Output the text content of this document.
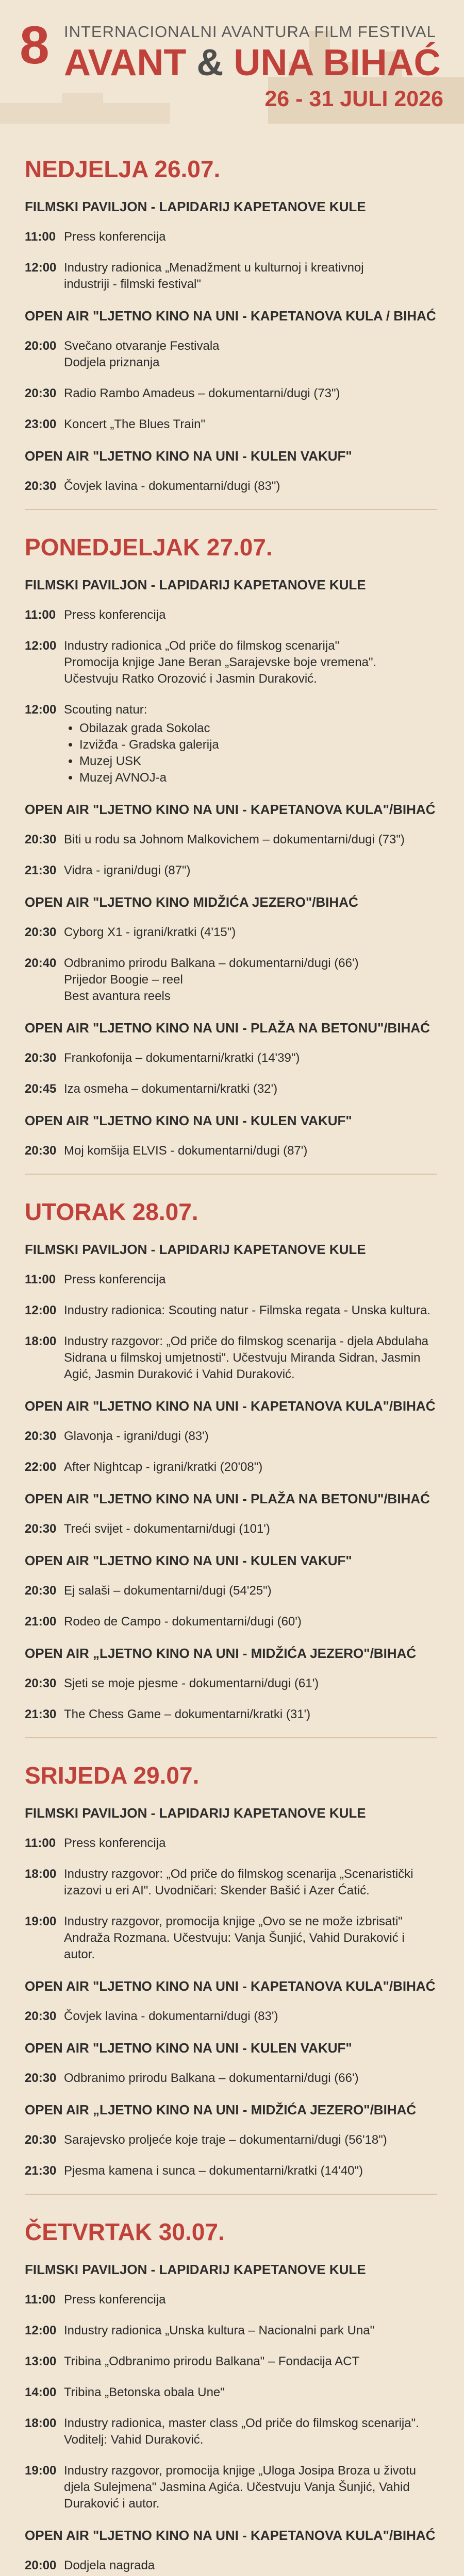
8 INTERNACIONALNI AVANTURA FILM FESTIVAL
AVANT & UNA BIHAĆ
26 - 31 JULI 2026
NEDJELJA 26.07.
FILMSKI PAVILJON - LAPIDARIJ KAPETANOVE KULE
11:00 Press konferencija
12:00 Industry radionica „Menadžment u kulturnoj i kreativnoj
industriji - filmski festival"
OPEN AIR "LJETNO KINO NA UNI - KAPETANOVA KULA / BIHAĆ
20:00 Svečano otvaranje Festivala
Dodjela priznanja
20:30 Radio Rambo Amadeus – dokumentarni/dugi (73")
23:00 Koncert „The Blues Train"
OPEN AIR "LJETNO KINO NA UNI - KULEN VAKUF"
20:30 Čovjek lavina - dokumentarni/dugi (83")
PONEDJELJAK 27.07.
FILMSKI PAVILJON - LAPIDARIJ KAPETANOVE KULE
11:00 Press konferencija
12:00 Industry radionica „Od priče do filmskog scenarija"
Promocija knjige Jane Beran „Sarajevske boje vremena".
Učestvuju Ratko Orozović i Jasmin Duraković.
12:00 Scouting natur:
• Obilazak grada Sokolac
• Izvižđa - Gradska galerija
• Muzej USK
• Muzej AVNOJ-a
OPEN AIR "LJETNO KINO NA UNI - KAPETANOVA KULA"/BIHAĆ
20:30 Biti u rodu sa Johnom Malkovichem – dokumentarni/dugi (73")
21:30 Vidra - igrani/dugi (87")
OPEN AIR "LJETNO KINO MIDŽIĆA JEZERO"/BIHAĆ
20:30 Cyborg X1 - igrani/kratki (4'15")
20:40 Odbranimo prirodu Balkana – dokumentarni/dugi (66')
Prijedor Boogie – reel
Best avantura reels
OPEN AIR "LJETNO KINO NA UNI - PLAŽA NA BETONU"/BIHAĆ
20:30 Frankofonija – dokumentarni/kratki (14'39")
20:45 Iza osmeha – dokumentarni/kratki (32')
OPEN AIR "LJETNO KINO NA UNI - KULEN VAKUF"
20:30 Moj komšija ELVIS - dokumentarni/dugi (87')
UTORAK 28.07.
FILMSKI PAVILJON - LAPIDARIJ KAPETANOVE KULE
11:00 Press konferencija
12:00 Industry radionica: Scouting natur - Filmska regata - Unska kultura.
18:00 Industry razgovor: „Od priče do filmskog scenarija - djela Abdulaha
Sidrana u filmskoj umjetnosti". Učestvuju Miranda Sidran, Jasmin
Agić, Jasmin Duraković i Vahid Duraković.
OPEN AIR "LJETNO KINO NA UNI - KAPETANOVA KULA"/BIHAĆ
20:30 Glavonja - igrani/dugi (83')
22:00 After Nightcap - igrani/kratki (20'08")
OPEN AIR "LJETNO KINO NA UNI - PLAŽA NA BETONU"/BIHAĆ
20:30 Treći svijet - dokumentarni/dugi (101')
OPEN AIR "LJETNO KINO NA UNI - KULEN VAKUF"
20:30 Ej salaši – dokumentarni/dugi (54'25")
21:00 Rodeo de Campo - dokumentarni/dugi (60')
OPEN AIR „LJETNO KINO NA UNI - MIDŽIĆA JEZERO"/BIHAĆ
20:30 Sjeti se moje pjesme - dokumentarni/dugi (61')
21:30 The Chess Game – dokumentarni/kratki (31')
SRIJEDA 29.07.
FILMSKI PAVILJON - LAPIDARIJ KAPETANOVE KULE
11:00 Press konferencija
18:00 Industry razgovor: „Od priče do filmskog scenarija „Scenaristički
izazovi u eri AI". Uvodničari: Skender Bašić i Azer Ćatić.
19:00 Industry razgovor, promocija knjige „Ovo se ne može izbrisati"
Andraža Rozmana. Učestvuju: Vanja Šunjić, Vahid Duraković i autor.
OPEN AIR "LJETNO KINO NA UNI - KAPETANOVA KULA"/BIHAĆ
20:30 Čovjek lavina - dokumentarni/dugi (83')
OPEN AIR "LJETNO KINO NA UNI - KULEN VAKUF"
20:30 Odbranimo prirodu Balkana – dokumentarni/dugi (66')
OPEN AIR „LJETNO KINO NA UNI - MIDŽIĆA JEZERO"/BIHAĆ
20:30 Sarajevsko proljeće koje traje – dokumentarni/dugi (56'18")
21:30 Pjesma kamena i sunca – dokumentarni/kratki (14'40")
ČETVRTAK 30.07.
FILMSKI PAVILJON - LAPIDARIJ KAPETANOVE KULE
11:00 Press konferencija
12:00 Industry radionica „Unska kultura – Nacionalni park Una"
13:00 Tribina „Odbranimo prirodu Balkana" – Fondacija ACT
14:00 Tribina „Betonska obala Une"
18:00 Industry radionica, master class „Od priče do filmskog scenarija".
Voditelj: Vahid Duraković.
19:00 Industry razgovor, promocija knjige „Uloga Josipa Broza u životu
djela Sulejmena" Jasmina Agića. Učestvuju Vanja Šunjić, Vahid
Duraković i autor.
OPEN AIR "LJETNO KINO NA UNI - KAPETANOVA KULA"/BIHAĆ
20:00 Dodjela nagrada
